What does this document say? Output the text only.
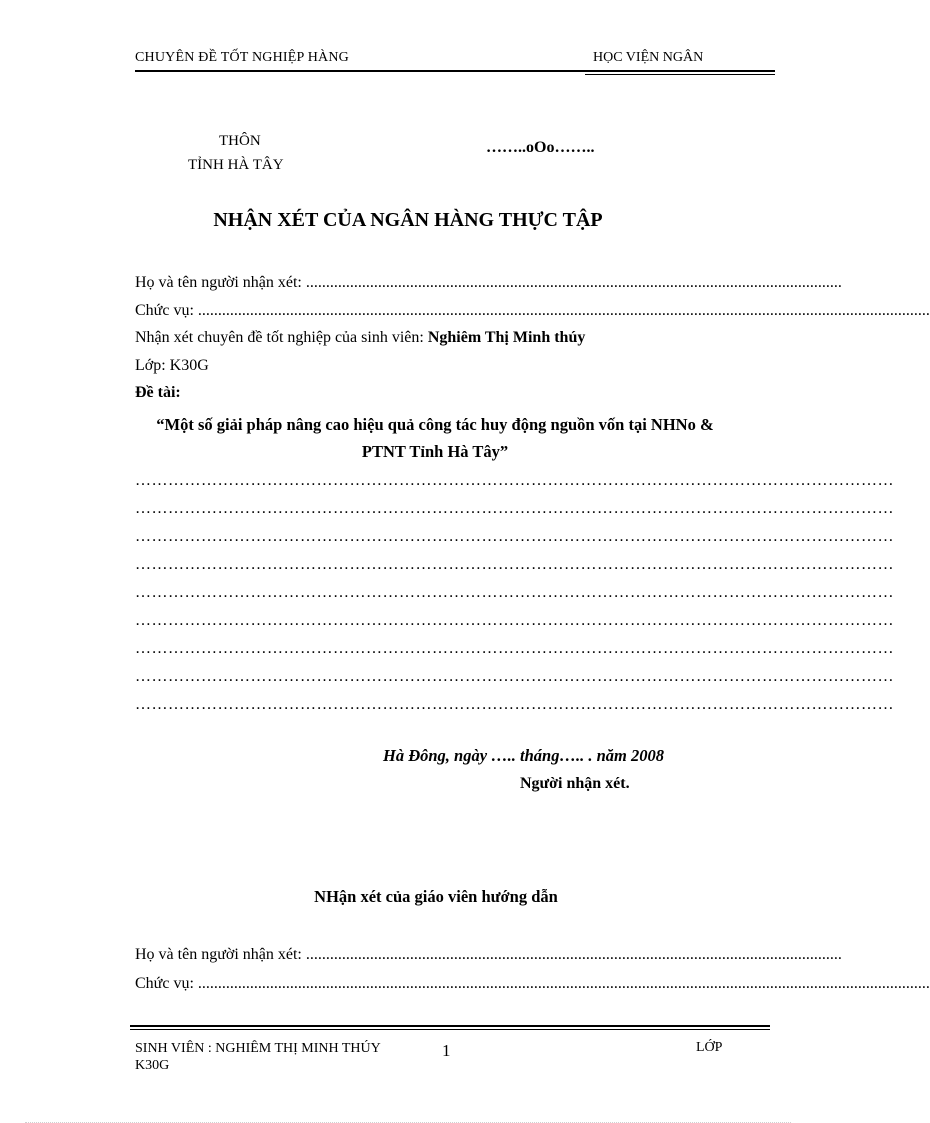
CHUYÊN ĐỀ TỐT NGHIỆP HÀNG	HỌC VIỆN NGÂN
THÔN
TỈNH HÀ TÂY
……..oOo……..
NHẬN XÉT CỦA NGÂN HÀNG THỰC TẬP
Họ và tên người nhận xét: ......................................................................................................................................
Chức vụ: .......................................................................................................................................................................................
Nhận xét chuyên đề tốt nghiệp của sinh viên: Nghiêm Thị Minh thúy
Lớp: K30G
Đề tài:
“Một số giải pháp nâng cao hiệu quả công tác huy động nguồn vốn tại NHNo & PTNT Tỉnh Hà Tây”
…………………………………………………………………………………………………………………………
…………………………………………………………………………………………………………………………
…………………………………………………………………………………………………………………………
…………………………………………………………………………………………………………………………
…………………………………………………………………………………………………………………………
…………………………………………………………………………………………………………………………
…………………………………………………………………………………………………………………………
…………………………………………………………………………………………………………………………
…………………………………………………………………………………………………………………………
Hà Đông, ngày ….. tháng….. . năm 2008
Người nhận xét.
NHận xét của giáo viên hướng dẫn
Họ và tên người nhận xét: ......................................................................................................................................
Chức vụ: .......................................................................................................................................................................................
SINH VIÊN : NGHIÊM THỊ MINH THÚY
K30G
1	LỚP
